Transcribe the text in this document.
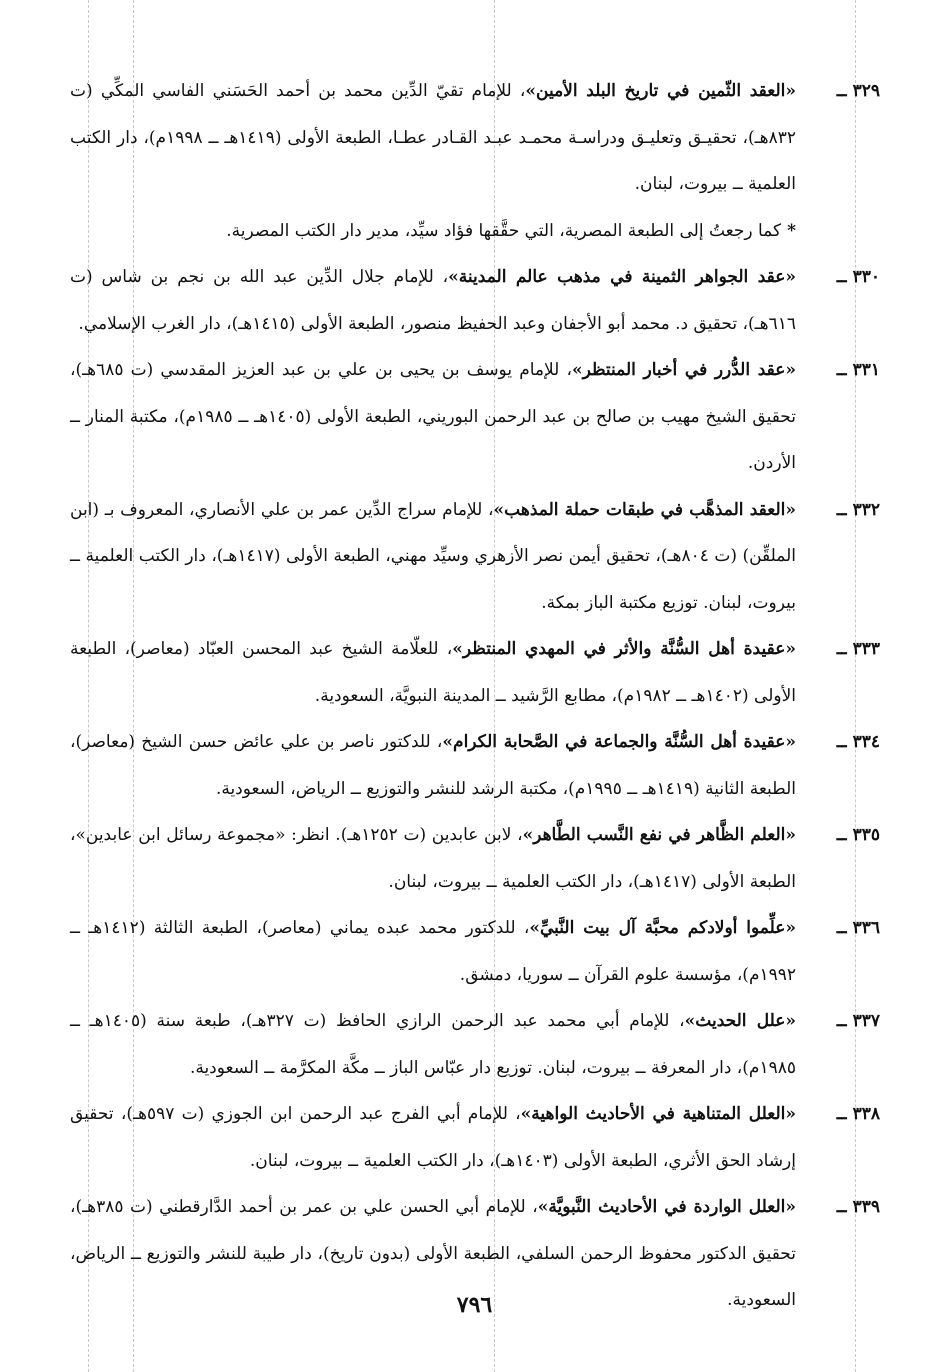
٣٢٩ ــ
«العقد الثّمين في تاريخ البلد الأمين»، للإمام تقيّ الدِّين محمد بن أحمد الحَسَني الفاسي المكِّي (ت ٨٣٢هـ)، تحقيـق وتعليـق ودراسـة محمـد عبـد القـادر عطـا، الطبعة الأولى (١٤١٩هـ ــ ١٩٩٨م)، دار الكتب العلمية ــ بيروت، لبنان.

*كما رجعتُ إلى الطبعة المصرية، التي حقَّقها فؤاد سيِّد، مدير دار الكتب المصرية.

٣٣٠ ــ
«عقد الجواهر الثمينة في مذهب عالم المدينة»، للإمام جلال الدِّين عبد الله بن نجم بن شاس (ت ٦١٦هـ)، تحقيق د. محمد أبو الأجفان وعبد الحفيظ منصور، الطبعة الأولى (١٤١٥هـ)، دار الغرب الإسلامي.

٣٣١ ــ
«عقد الدُّرر في أخبار المنتظر»، للإمام يوسف بن يحيى بن علي بن عبد العزيز المقدسي (ت ٦٨٥هـ)، تحقيق الشيخ مهيب بن صالح بن عبد الرحمن البوريني، الطبعة الأولى (١٤٠٥هـ ــ ١٩٨٥م)، مكتبة المنار ــ الأردن.

٣٣٢ ــ
«العقد المذهَّب في طبقات حملة المذهب»، للإمام سراج الدِّين عمر بن علي الأنصاري، المعروف بـ (ابن الملقِّن) (ت ٨٠٤هـ)، تحقيق أيمن نصر الأزهري وسيِّد مهني، الطبعة الأولى (١٤١٧هـ)، دار الكتب العلمية ــ بيروت، لبنان. توزيع مكتبة الباز بمكة.

٣٣٣ ــ
«عقيدة أهل السُّنَّة والأثر في المهدي المنتظر»، للعلّامة الشيخ عبد المحسن العبّاد (معاصر)، الطبعة الأولى (١٤٠٢هـ ــ ١٩٨٢م)، مطابع الرَّشيد ــ المدينة النبويَّة، السعودية.

٣٣٤ ــ
«عقيدة أهل السُّنَّة والجماعة في الصَّحابة الكرام»، للدكتور ناصر بن علي عائض حسن الشيخ (معاصر)، الطبعة الثانية (١٤١٩هـ ــ ١٩٩٥م)، مكتبة الرشد للنشر والتوزيع ــ الرياض، السعودية.

٣٣٥ ــ
«العلم الظَّاهر في نفع النَّسب الطَّاهر»، لابن عابدين (ت ١٢٥٢هـ). انظر: «مجموعة رسائل ابن عابدين»، الطبعة الأولى (١٤١٧هـ)، دار الكتب العلمية ــ بيروت، لبنان.

٣٣٦ ــ
«علِّموا أولادكم محبَّة آل بيت النَّبيِّ»، للدكتور محمد عبده يماني (معاصر)، الطبعة الثالثة (١٤١٢هـ ــ ١٩٩٢م)، مؤسسة علوم القرآن ــ سوريا، دمشق.

٣٣٧ ــ
«علل الحديث»، للإمام أبي محمد عبد الرحمن الرازي الحافظ (ت ٣٢٧هـ)، طبعة سنة (١٤٠٥هـ ــ ١٩٨٥م)، دار المعرفة ــ بيروت، لبنان. توزيع دار عبّاس الباز ــ مكَّة المكرَّمة ــ السعودية.

٣٣٨ ــ
«العلل المتناهية في الأحاديث الواهية»، للإمام أبي الفرج عبد الرحمن ابن الجوزي (ت ٥٩٧هـ)، تحقيق إرشاد الحق الأثري، الطبعة الأولى (١٤٠٣هـ)، دار الكتب العلمية ــ بيروت، لبنان.

٣٣٩ ــ
«العلل الواردة في الأحاديث النَّبويَّة»، للإمام أبي الحسن علي بن عمر بن أحمد الدَّارقطني (ت ٣٨٥هـ)، تحقيق الدكتور محفوظ الرحمن السلفي، الطبعة الأولى (بدون تاريخ)، دار طيبة للنشر والتوزيع ــ الرياض، السعودية.

٧٩٦
